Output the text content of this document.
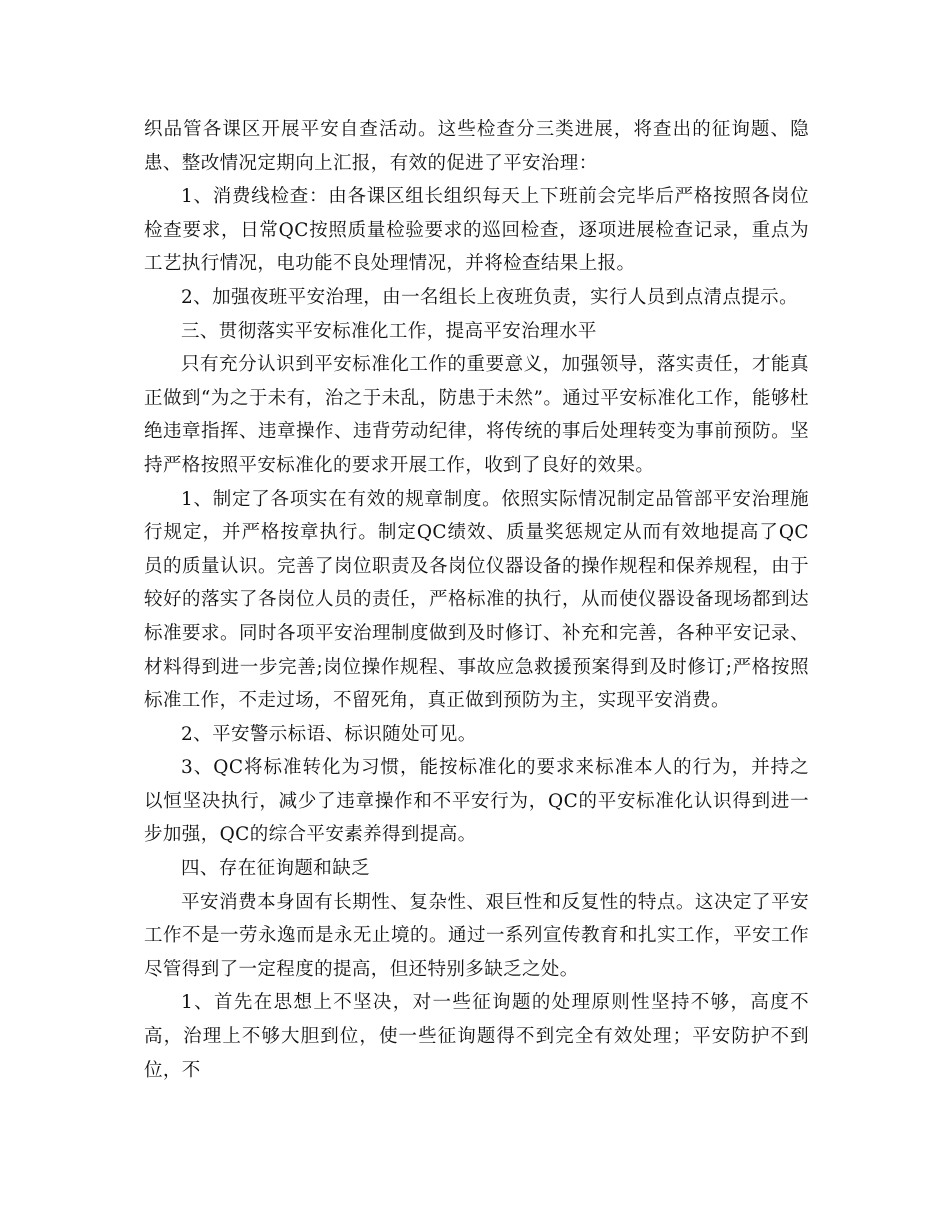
织品管各课区开展平安自查活动。这些检查分三类进展，将查出的征询题、隐患、整改情况定期向上汇报，有效的促进了平安治理：

1、消费线检查：由各课区组长组织每天上下班前会完毕后严格按照各岗位检查要求，日常QC按照质量检验要求的巡回检查，逐项进展检查记录，重点为工艺执行情况，电功能不良处理情况，并将检查结果上报。

2、加强夜班平安治理，由一名组长上夜班负责，实行人员到点清点提示。

三、贯彻落实平安标准化工作，提高平安治理水平

只有充分认识到平安标准化工作的重要意义，加强领导，落实责任，才能真正做到“为之于未有，治之于未乱，防患于未然”。通过平安标准化工作，能够杜绝违章指挥、违章操作、违背劳动纪律，将传统的事后处理转变为事前预防。坚持严格按照平安标准化的要求开展工作，收到了良好的效果。

1、制定了各项实在有效的规章制度。依照实际情况制定品管部平安治理施行规定，并严格按章执行。制定QC绩效、质量奖惩规定从而有效地提高了QC员的质量认识。完善了岗位职责及各岗位仪器设备的操作规程和保养规程，由于较好的落实了各岗位人员的责任，严格标准的执行，从而使仪器设备现场都到达标准要求。同时各项平安治理制度做到及时修订、补充和完善，各种平安记录、材料得到进一步完善;岗位操作规程、事故应急救援预案得到及时修订;严格按照标准工作，不走过场，不留死角，真正做到预防为主，实现平安消费。

2、平安警示标语、标识随处可见。

3、QC将标准转化为习惯，能按标准化的要求来标准本人的行为，并持之以恒坚决执行，减少了违章操作和不平安行为，QC的平安标准化认识得到进一步加强，QC的综合平安素养得到提高。

四、存在征询题和缺乏

平安消费本身固有长期性、复杂性、艰巨性和反复性的特点。这决定了平安工作不是一劳永逸而是永无止境的。通过一系列宣传教育和扎实工作，平安工作尽管得到了一定程度的提高，但还特别多缺乏之处。

1、首先在思想上不坚决，对一些征询题的处理原则性坚持不够，高度不高，治理上不够大胆到位，使一些征询题得不到完全有效处理；平安防护不到位，不
